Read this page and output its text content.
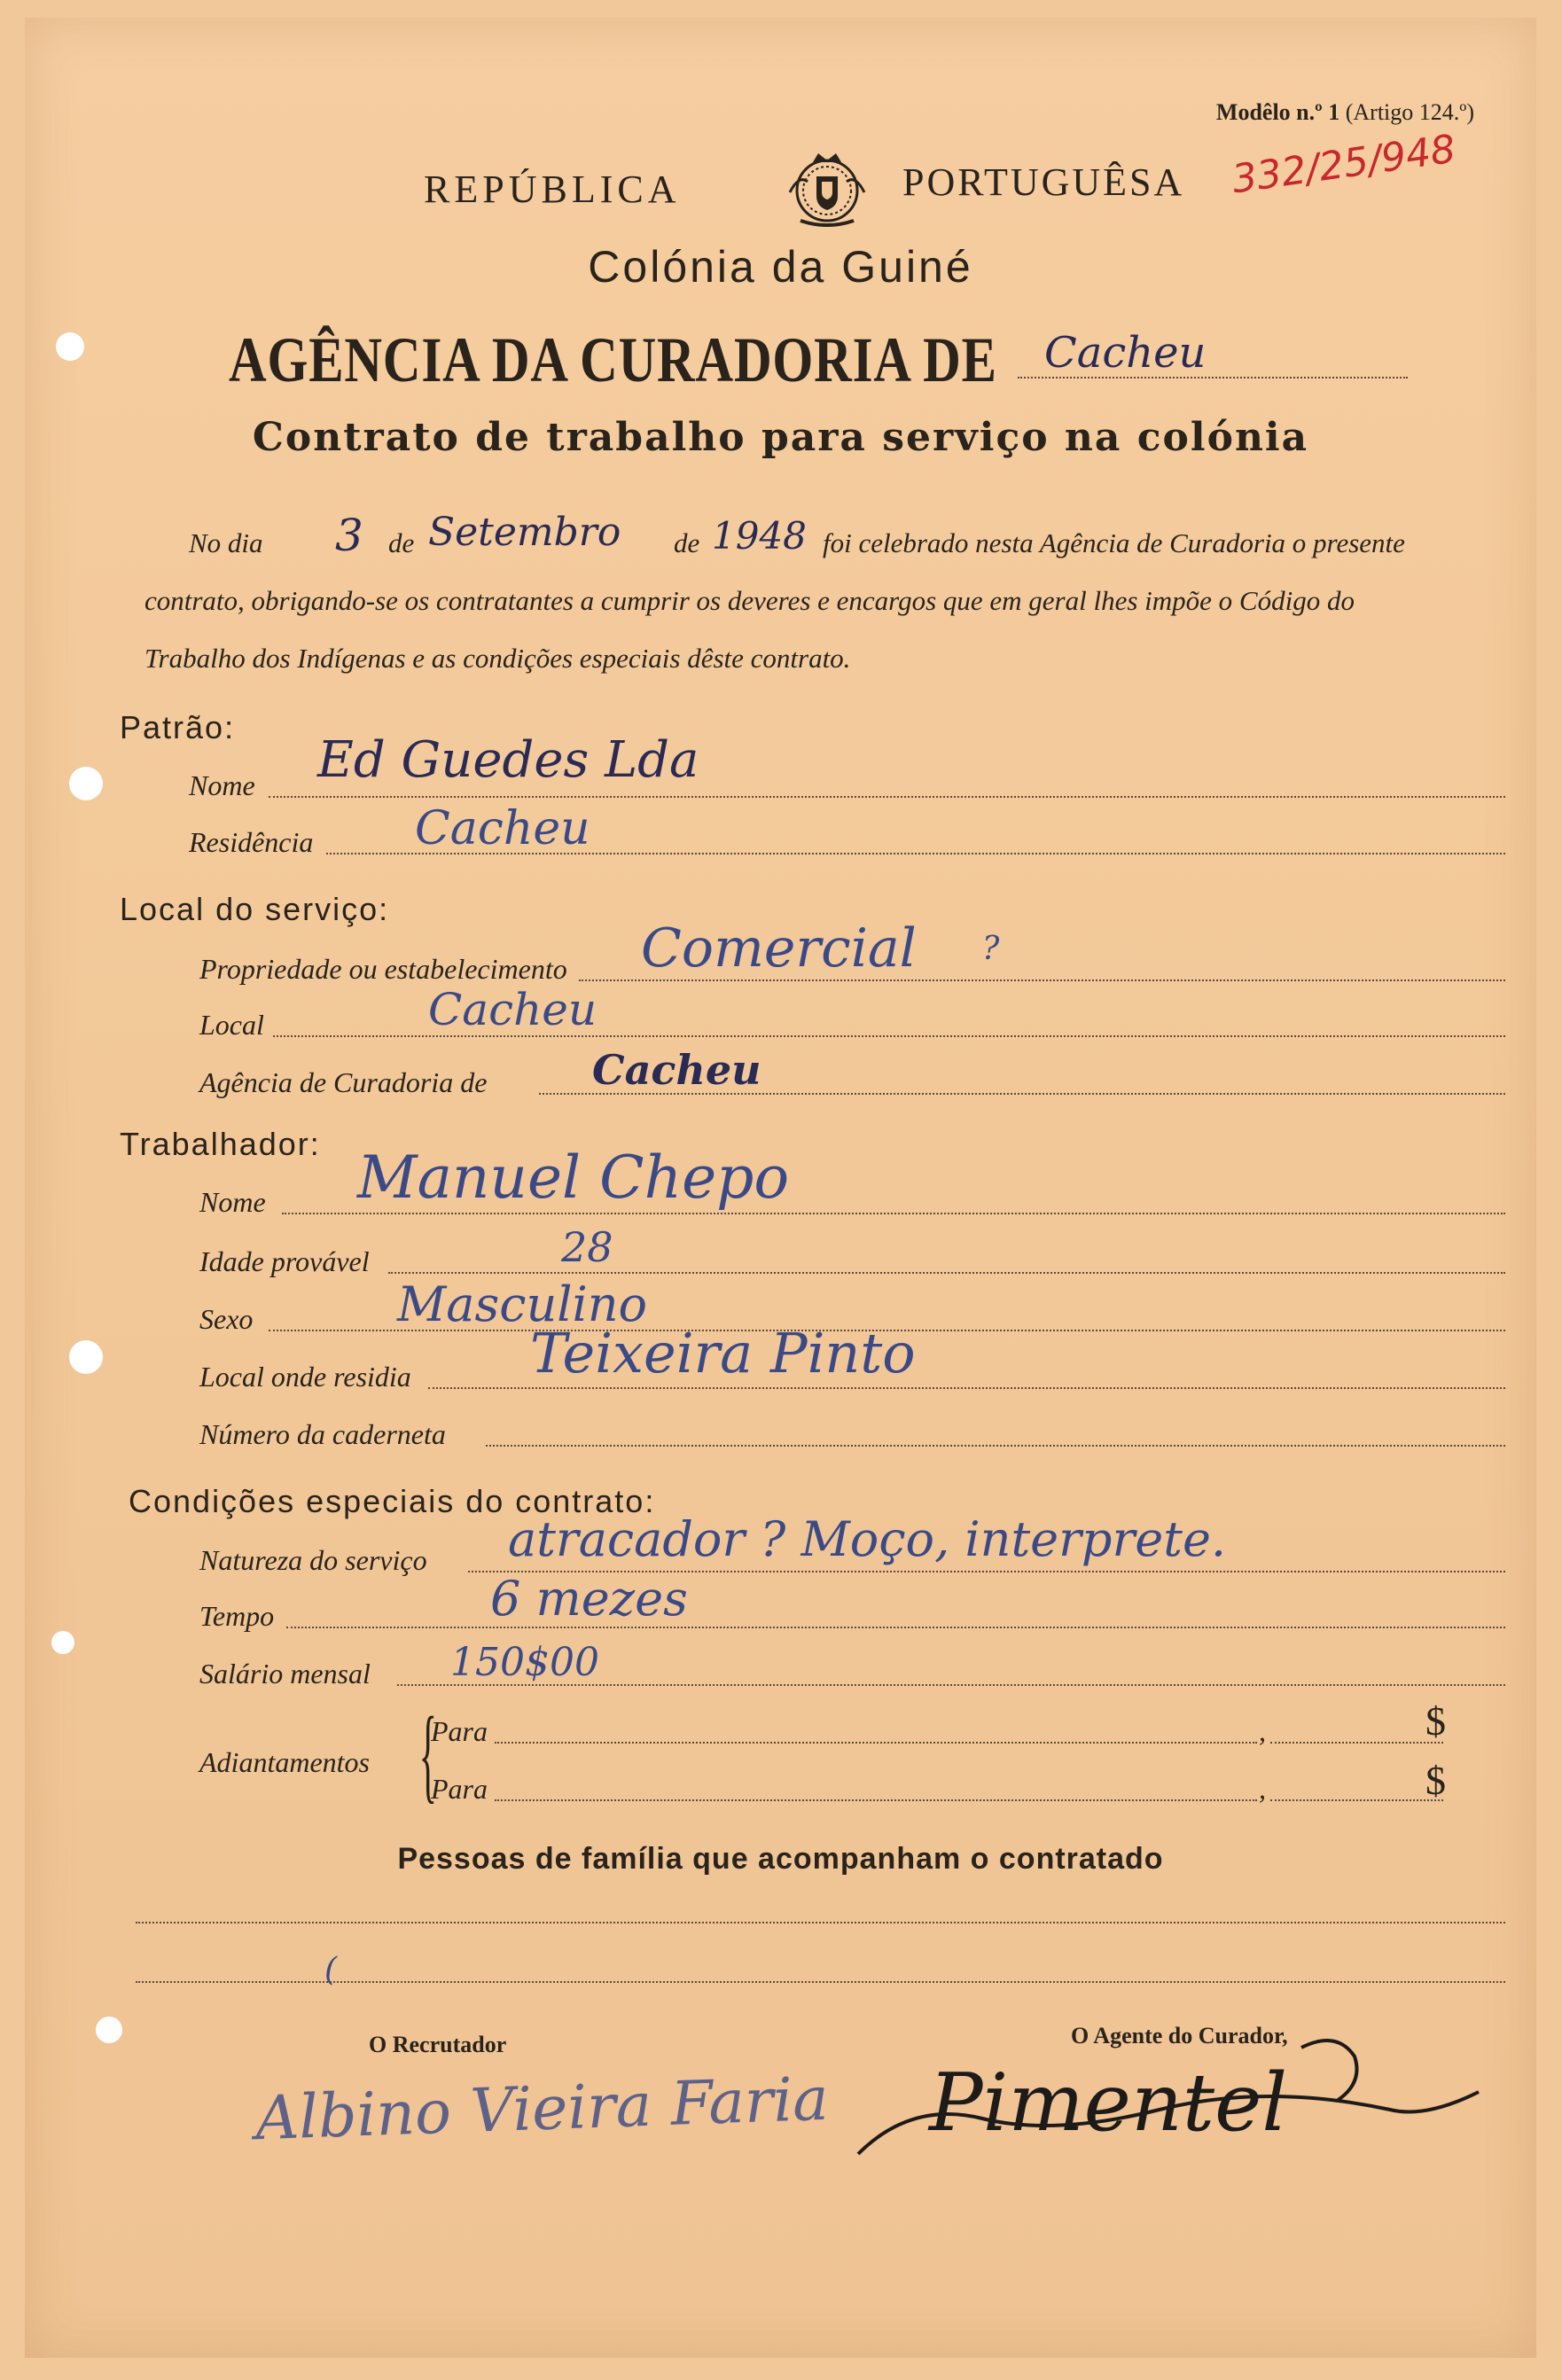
Modêlo n.º 1 (Artigo 124.º)
332/25/948
REPÚBLICA	PORTUGUÊSA
Colónia da Guiné
AGÊNCIA DA CURADORIA DE Cacheu
Contrato de trabalho para serviço na colónia
No dia 3 de Setembro de 1948 foi celebrado nesta Agência de Curadoria o presente
contrato, obrigando-se os contratantes a cumprir os deveres e encargos que em geral lhes impõe o Código do
Trabalho dos Indígenas e as condições especiais dêste contrato.
Patrão:
Nome Ed Guedes Lda
Residência Cacheu
Local do serviço:
Propriedade ou estabelecimento Comercial ?
Local	Cacheu
Agência de Curadoria de	Cacheu
Trabalhador:
Nome Manuel Chepo
Idade provável	28
Sexo	Masculino
Local onde residia Teixeira Pinto
Número da caderneta
Condições especiais do contrato:
Natureza do serviço atracador ? Moço, interprete.
Tempo	6 mezes
Salário mensal 150$00
Adiantamentos {
Para	,	$
Para	,	$
Pessoas de família que acompanham o contratado
(
O Recrutador
Albino Vieira Faria
O Agente do Curador,
Pimentel
